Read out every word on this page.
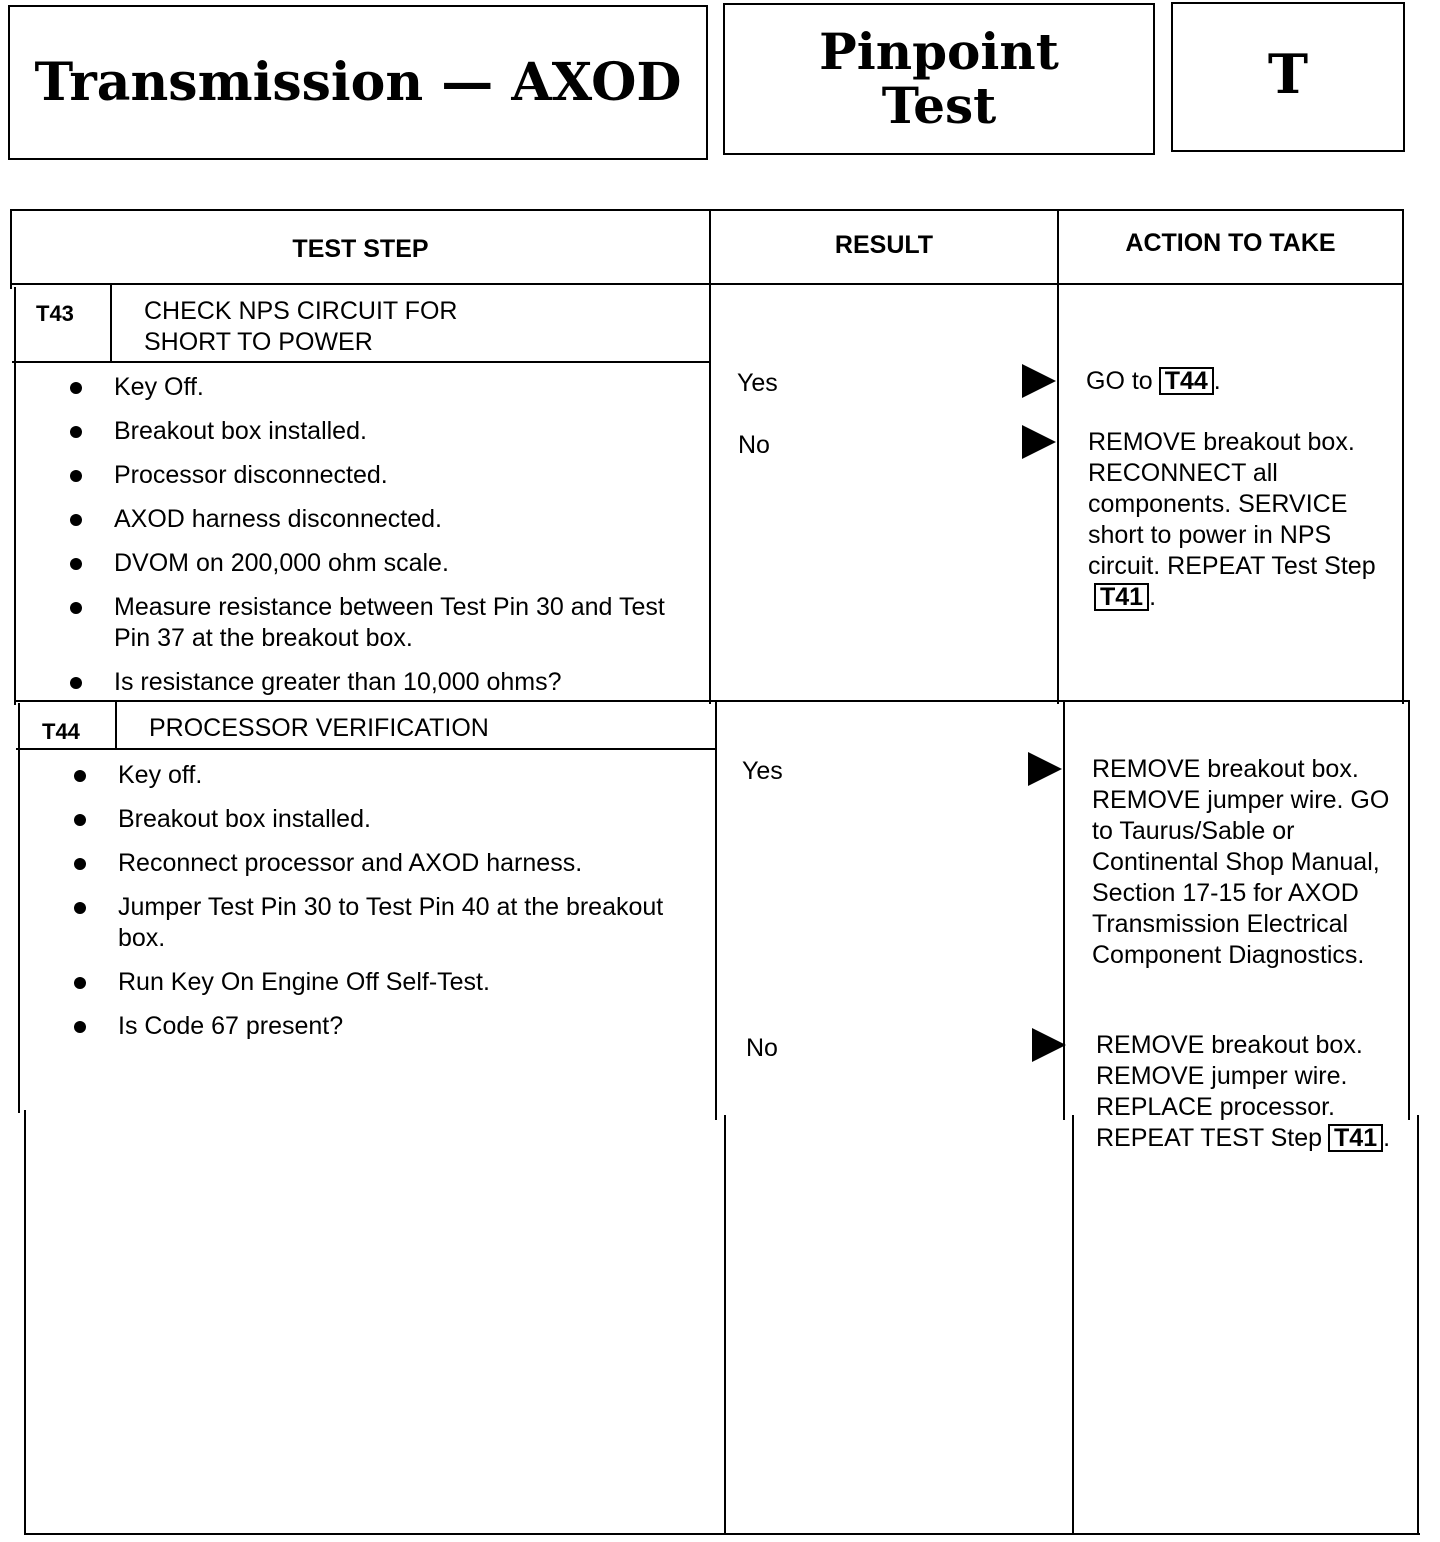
Transmission — AXOD
Pinpoint
Test	T
TEST STEP	RESULT	ACTION TO TAKE
T43	CHECK NPS CIRCUIT FOR
SHORT TO POWER
Key Off.
Breakout box installed.
Processor disconnected.
AXOD harness disconnected.
DVOM on 200,000 ohm scale.
Measure resistance between Test Pin 30 and Test Pin 37 at the breakout box.
Is resistance greater than 10,000 ohms?
Yes	GO to T44 .
No	REMOVE breakout box. RECONNECT all components. SERVICE short to power in NPS circuit. REPEAT Test StepT41 .
T44	PROCESSOR VERIFICATION
Key off.
Breakout box installed.
Reconnect processor and AXOD harness.
Jumper Test Pin 30 to Test Pin 40 at the breakout box.
Run Key On Engine Off Self-Test.
Is Code 67 present?
Yes	REMOVE breakout box. REMOVE jumper wire. GO to Taurus/Sable or Continental Shop Manual, Section 17-15 for AXOD Transmission Electrical Component Diagnostics.
No	REMOVE breakout box. REMOVE jumper wire. REPLACE processor. REPEAT TEST Step T41 .
